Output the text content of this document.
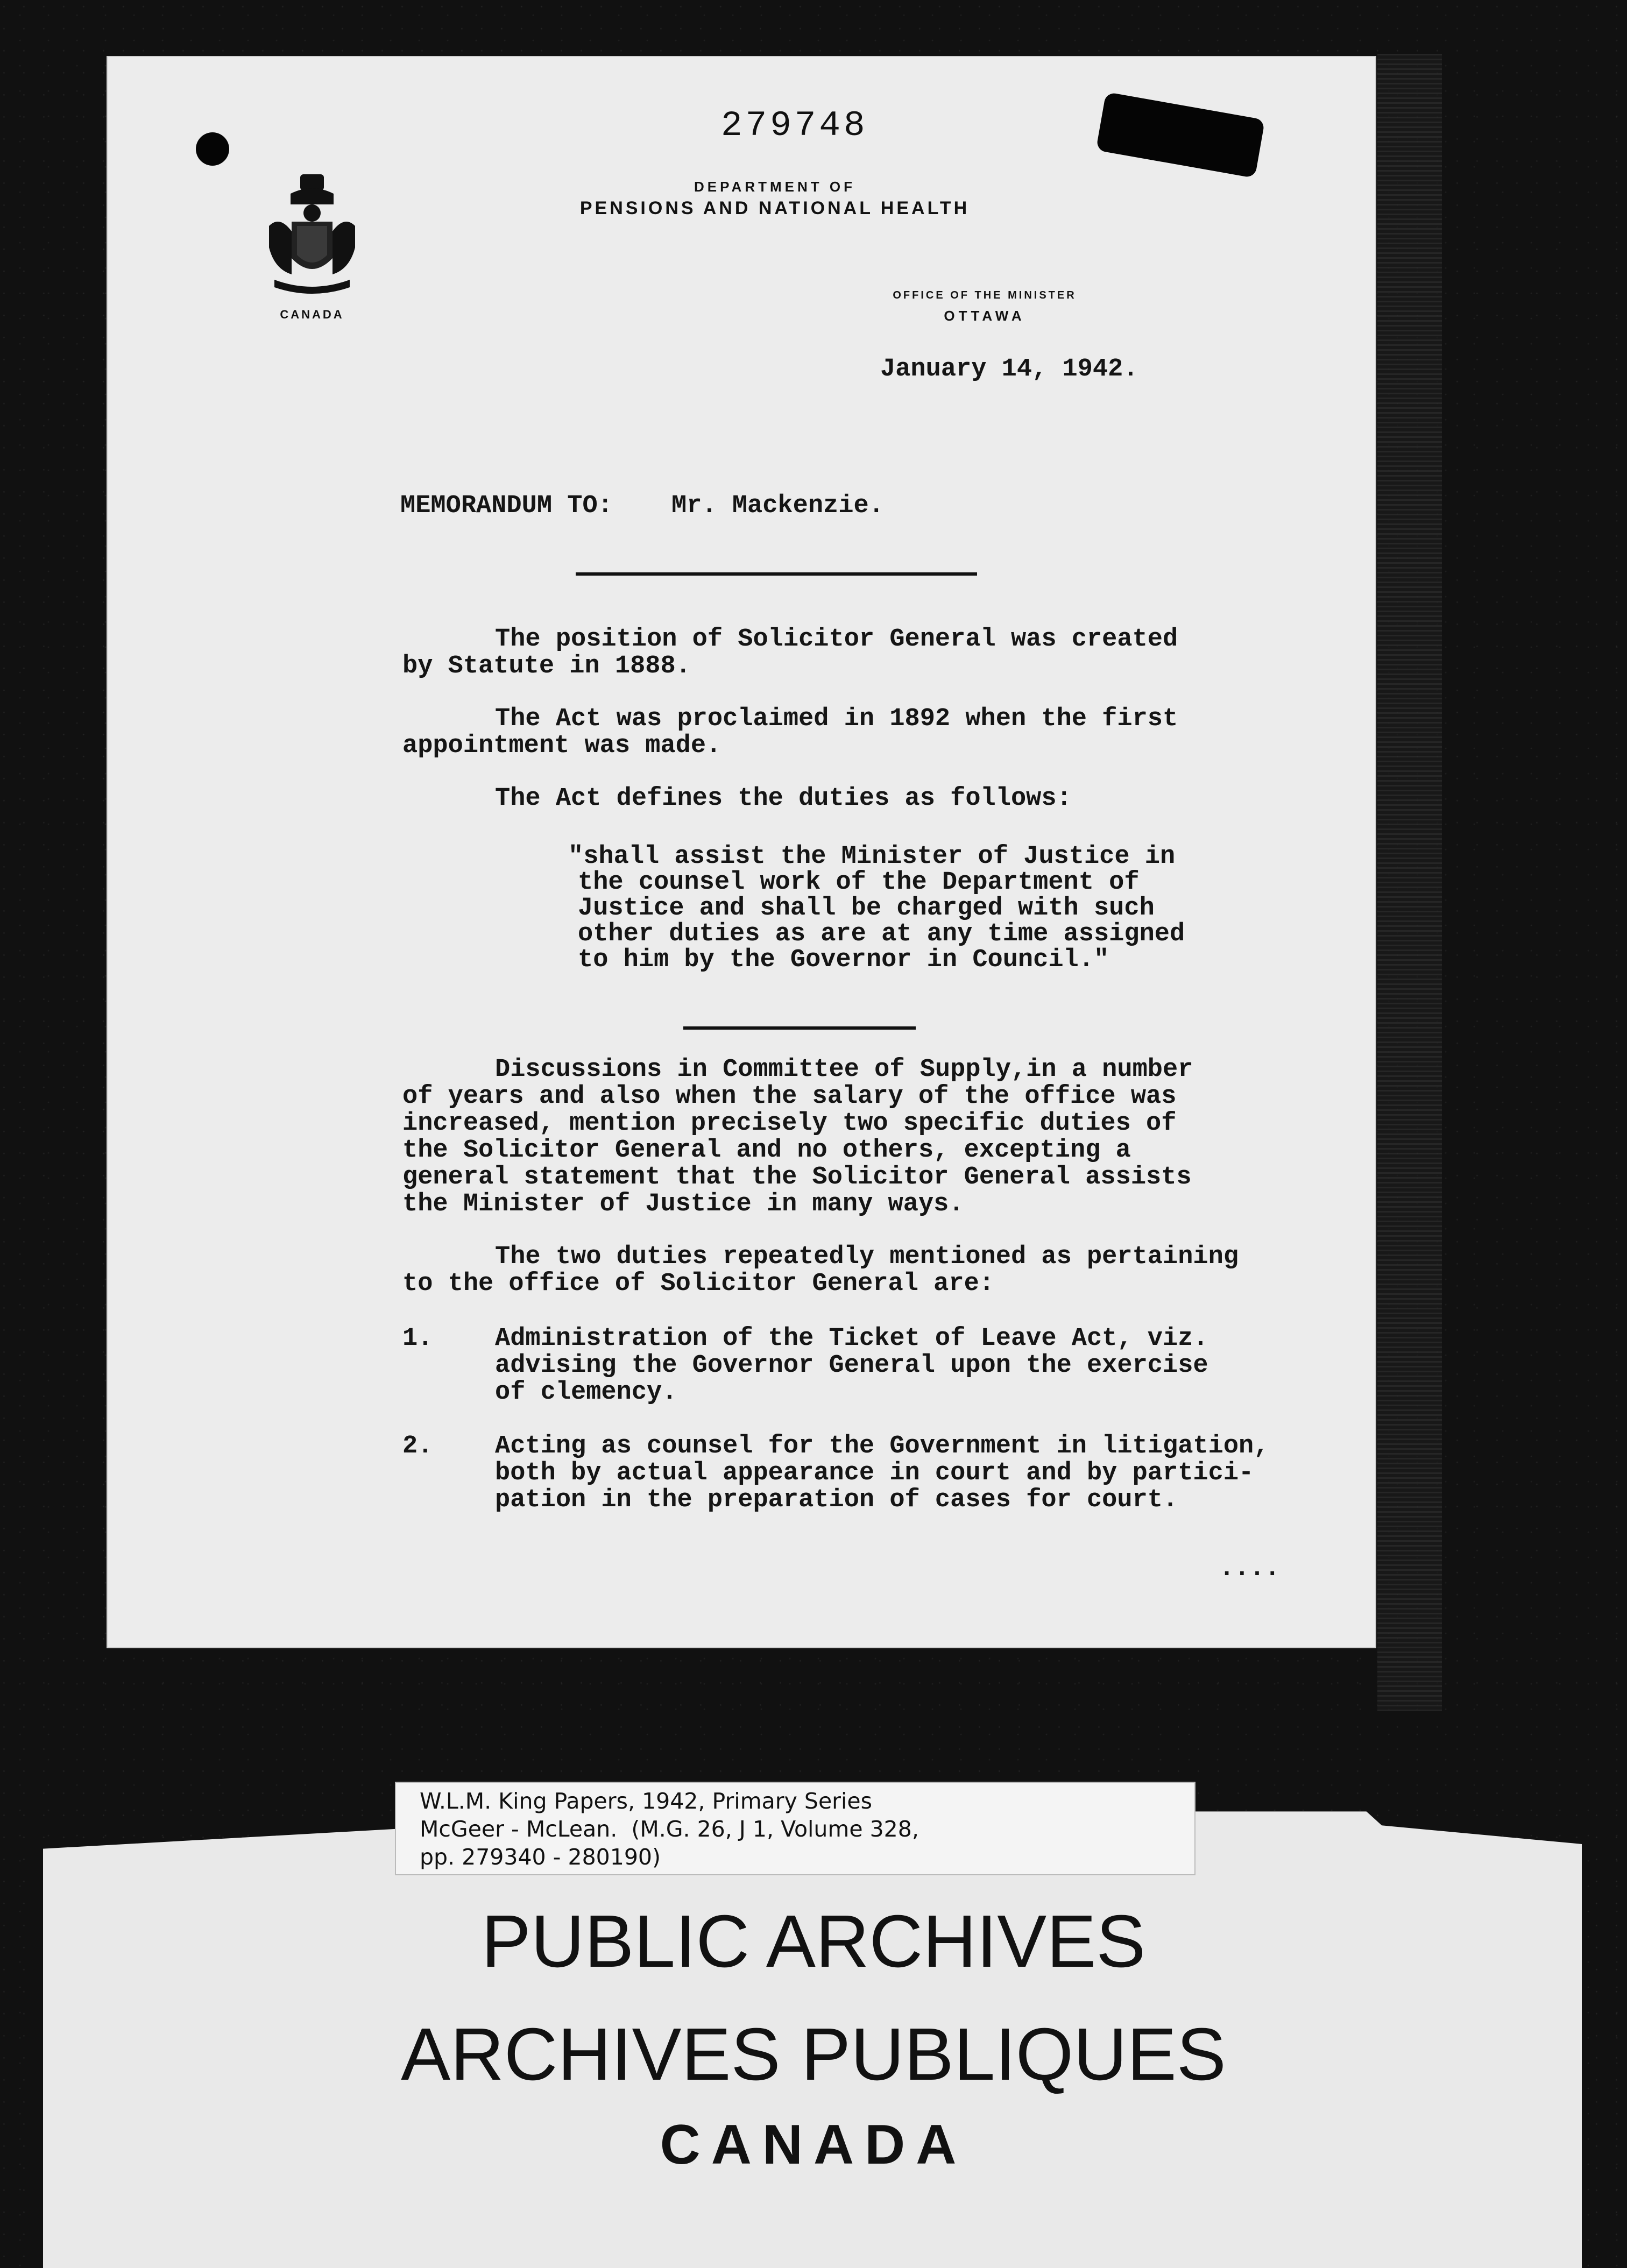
279748
CANADA
DEPARTMENT OF
PENSIONS AND NATIONAL HEALTH
OFFICE OF THE MINISTER
OTTAWA
January 14, 1942.
MEMORANDUM TO: Mr. Mackenzie.
The position of Solicitor General was created
by Statute in 1888.
The Act was proclaimed in 1892 when the first
appointment was made.
The Act defines the duties as follows:
"shall assist the Minister of Justice in
the counsel work of the Department of
Justice and shall be charged with such
other duties as are at any time assigned
to him by the Governor in Council."
Discussions in Committee of Supply,in a number
of years and also when the salary of the office was
increased, mention precisely two specific duties of
the Solicitor General and no others, excepting a
general statement that the Solicitor General assists
the Minister of Justice in many ways.
The two duties repeatedly mentioned as pertaining
to the office of Solicitor General are:
1. Administration of the Ticket of Leave Act, viz.
advising the Governor General upon the exercise
of clemency.
2. Acting as counsel for the Government in litigation,
both by actual appearance in court and by partici-
pation in the preparation of cases for court.
....
W.L.M. King Papers, 1942, Primary Series
McGeer - McLean.  (M.G. 26, J 1, Volume 328,
pp. 279340 - 280190)
PUBLIC ARCHIVES
ARCHIVES PUBLIQUES
CANADA
